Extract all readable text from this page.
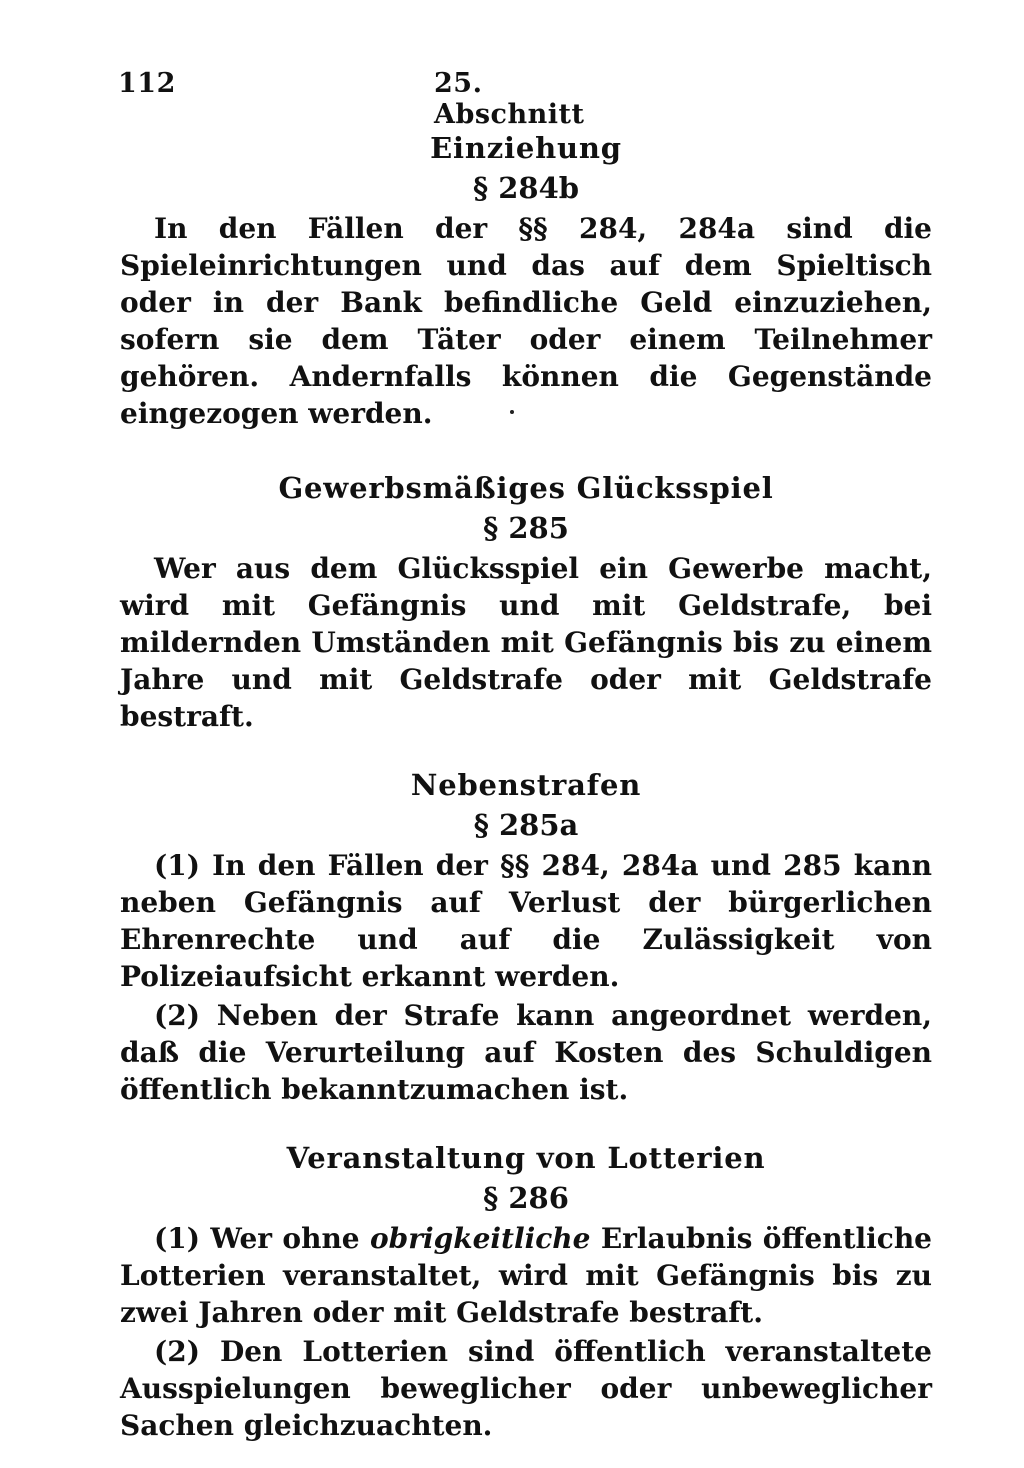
112	25. Abschnitt
Einziehung
§ 284b

In den Fällen der §§ 284, 284a sind die Spieleinrichtungen und das auf dem Spieltisch oder in der Bank befindliche Geld einzuziehen, sofern sie dem Täter oder einem Teilnehmer gehören. Andernfalls können die Gegenstände eingezogen werden.

Gewerbsmäßiges Glücksspiel
§ 285

Wer aus dem Glücksspiel ein Gewerbe macht, wird mit Gefängnis und mit Geldstrafe, bei mildernden Umständen mit Gefängnis bis zu einem Jahre und mit Geldstrafe oder mit Geldstrafe bestraft.

Nebenstrafen
§ 285a

(1) In den Fällen der §§ 284, 284a und 285 kann neben Gefängnis auf Verlust der bürgerlichen Ehrenrechte und auf die Zulässigkeit von Polizeiaufsicht erkannt werden.

(2) Neben der Strafe kann angeordnet werden, daß die Verurteilung auf Kosten des Schuldigen öffentlich bekanntzumachen ist.

Veranstaltung von Lotterien
§ 286

(1) Wer ohne obrigkeitliche Erlaubnis öffentliche Lotterien veranstaltet, wird mit Gefängnis bis zu zwei Jahren oder mit Geldstrafe bestraft.

(2) Den Lotterien sind öffentlich veranstaltete Ausspielungen beweglicher oder unbeweglicher Sachen gleichzuachten.
